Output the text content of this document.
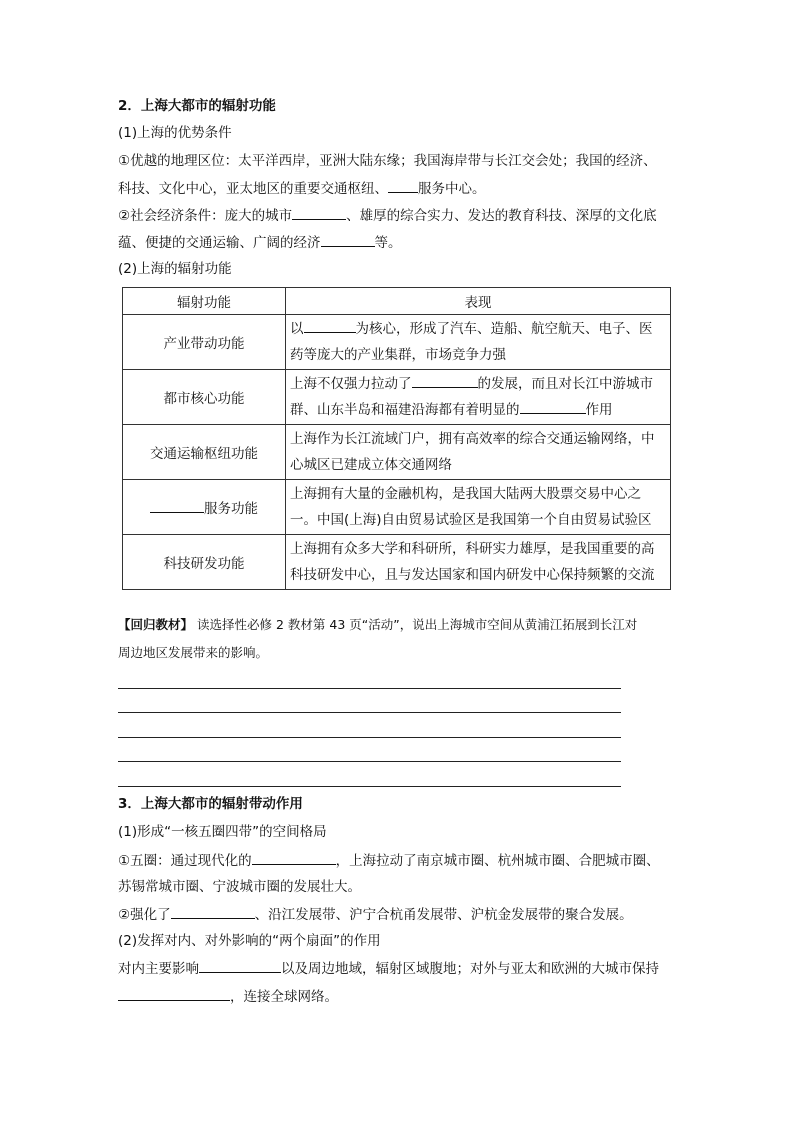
2．上海大都市的辐射功能
(1)上海的优势条件
①优越的地理区位：太平洋西岸，亚洲大陆东缘；我国海岸带与长江交会处；我国的经济、
科技、文化中心，亚太地区的重要交通枢纽、 服务中心。
②社会经济条件：庞大的城市	、雄厚的综合实力、发达的教育科技、深厚的文化底
蕴、便捷的交通运输、广阔的经济	等。
(2)上海的辐射功能
辐射功能	表现
产业带动功能	以 为核心，形成了汽车、造船、航空航天、电子、医
药等庞大的产业集群，市场竞争力强

都市核心功能	上海不仅强力拉动了 的发展，而且对长江中游城市
群、山东半岛和福建沿海都有着明显的 作用

交通运输枢纽功能	上海作为长江流域门户，拥有高效率的综合交通运输网络，中
心城区已建成立体交通网络

服务功能	上海拥有大量的金融机构，是我国大陆两大股票交易中心之
一。中国(上海)自由贸易试验区是我国第一个自由贸易试验区

科技研发功能	上海拥有众多大学和科研所，科研实力雄厚，是我国重要的高
科技研发中心，且与发达国家和国内研发中心保持频繁的交流
【回归教材】 读选择性必修 2 教材第 43 页“活动”，说出上海城市空间从黄浦江拓展到长江对
周边地区发展带来的影响。
3．上海大都市的辐射带动作用
(1)形成“一核五圈四带”的空间格局
①五圈：通过现代化的	，上海拉动了南京城市圈、杭州城市圈、合肥城市圈、
苏锡常城市圈、宁波城市圈的发展壮大。
②强化了	、沿江发展带、沪宁合杭甬发展带、沪杭金发展带的聚合发展。
(2)发挥对内、对外影响的“两个扇面”的作用
对内主要影响	以及周边地域，辐射区域腹地；对外与亚太和欧洲的大城市保持
，连接全球网络。
